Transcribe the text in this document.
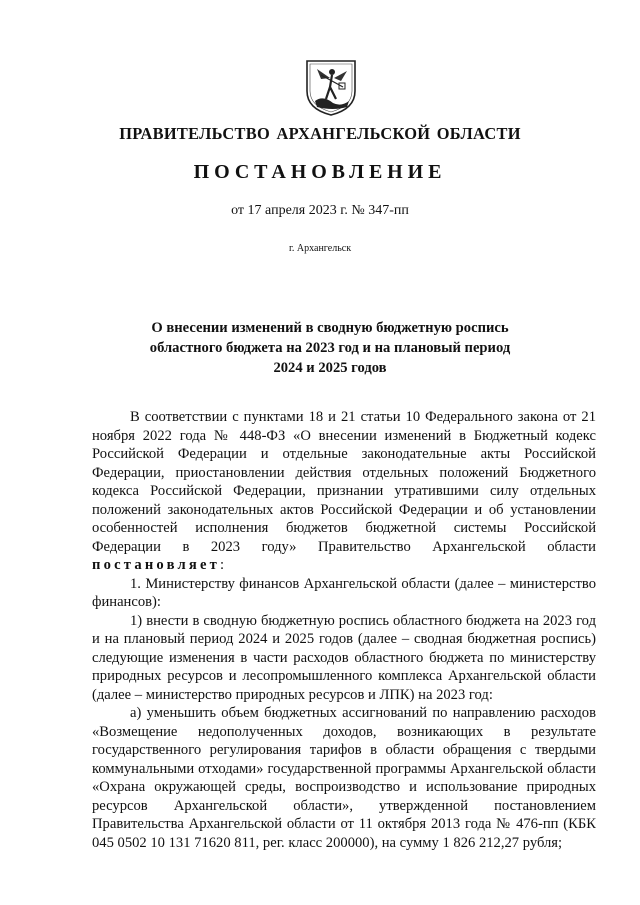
ПРАВИТЕЛЬСТВО АРХАНГЕЛЬСКОЙ ОБЛАСТИ
ПОСТАНОВЛЕНИЕ
от 17 апреля 2023 г. № 347-пп
г. Архангельск
О внесении изменений в сводную бюджетную роспись
областного бюджета на 2023 год и на плановый период
2024 и 2025 годов

В соответствии с пунктами 18 и 21 статьи 10 Федерального закона от 21 ноября 2022 года № 448-ФЗ «О внесении изменений в Бюджетный кодекс Российской Федерации и отдельные законодательные акты Российской Федерации, приостановлении действия отдельных положений Бюджетного кодекса Российской Федерации, признании утратившими силу отдельных положений законодательных актов Российской Федерации и об установлении особенностей исполнения бюджетов бюджетной системы Российской Федерации в 2023 году» Правительство Архангельской области постановляет:

1. Министерству финансов Архангельской области (далее – министерство финансов):

1) внести в сводную бюджетную роспись областного бюджета на 2023 год и на плановый период 2024 и 2025 годов (далее – сводная бюджетная роспись) следующие изменения в части расходов областного бюджета по министерству природных ресурсов и лесопромышленного комплекса Архангельской области (далее – министерство природных ресурсов и ЛПК) на 2023 год:

а) уменьшить объем бюджетных ассигнований по направлению расходов «Возмещение недополученных доходов, возникающих в результате государственного регулирования тарифов в области обращения с твердыми коммунальными отходами» государственной программы Архангельской области «Охрана окружающей среды, воспроизводство и использование природных ресурсов Архангельской области», утвержденной постановлением Правительства Архангельской области от 11 октября 2013 года № 476-пп (КБК 045 0502 10 131 71620 811, рег. класс 200000), на сумму 1 826 212,27 рубля;
